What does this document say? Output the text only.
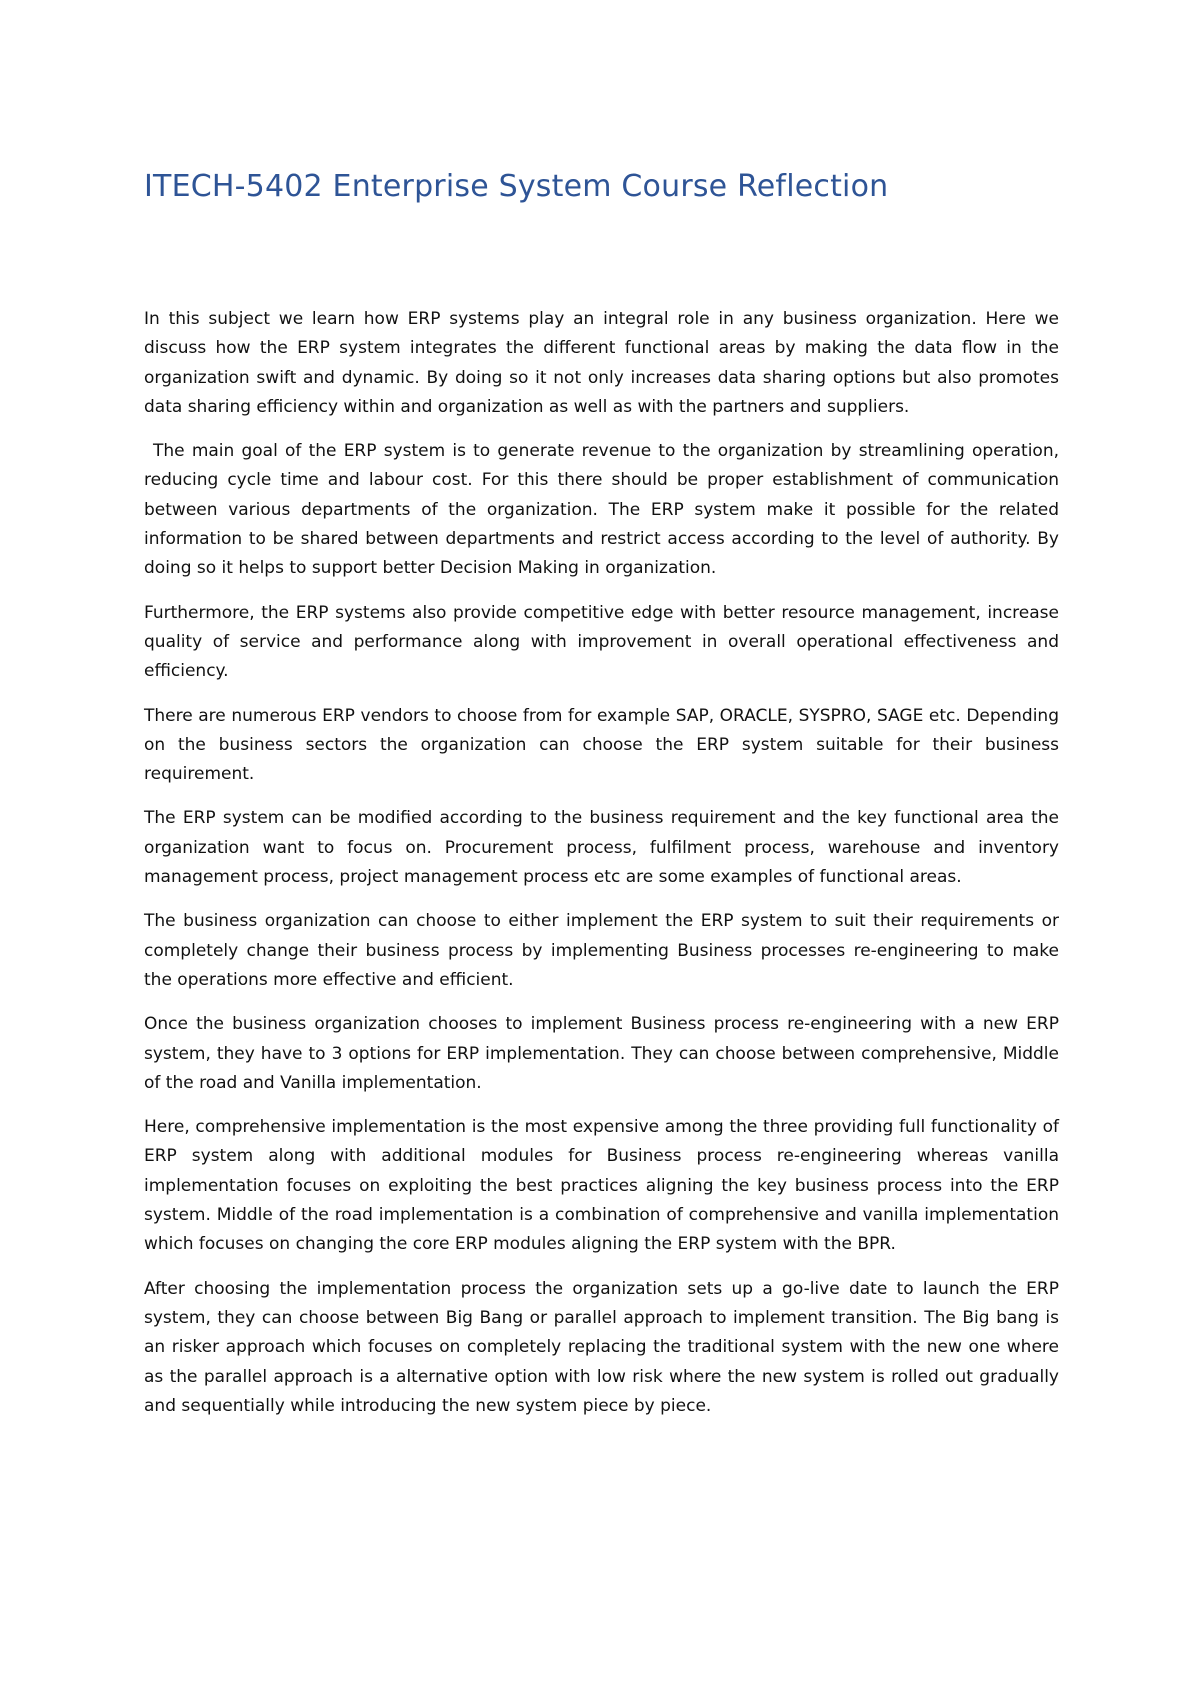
ITECH-5402 Enterprise System Course Reflection

In this subject we learn how ERP systems play an integral role in any business organization. Here we discuss how the ERP system integrates the different functional areas by making the data flow in the organization swift and dynamic. By doing so it not only increases data sharing options but also promotes data sharing efficiency within and organization as well as with the partners and suppliers.

The main goal of the ERP system is to generate revenue to the organization by streamlining operation, reducing cycle time and labour cost. For this there should be proper establishment of communication between various departments of the organization. The ERP system make it possible for the related information to be shared between departments and restrict access according to the level of authority. By doing so it helps to support better Decision Making in organization.

Furthermore, the ERP systems also provide competitive edge with better resource management, increase quality of service and performance along with improvement in overall operational effectiveness and efficiency.

There are numerous ERP vendors to choose from for example SAP, ORACLE, SYSPRO, SAGE etc. Depending on the business sectors the organization can choose the ERP system suitable for their business requirement.

The ERP system can be modified according to the business requirement and the key functional area the organization want to focus on. Procurement process, fulfilment process, warehouse and inventory management process, project management process etc are some examples of functional areas.

The business organization can choose to either implement the ERP system to suit their requirements or completely change their business process by implementing Business processes re-engineering to make the operations more effective and efficient.

Once the business organization chooses to implement Business process re-engineering with a new ERP system, they have to 3 options for ERP implementation. They can choose between comprehensive, Middle of the road and Vanilla implementation.

Here, comprehensive implementation is the most expensive among the three providing full functionality of ERP system along with additional modules for Business process re-engineering whereas vanilla implementation focuses on exploiting the best practices aligning the key business process into the ERP system. Middle of the road implementation is a combination of comprehensive and vanilla implementation which focuses on changing the core ERP modules aligning the ERP system with the BPR.

After choosing the implementation process the organization sets up a go-live date to launch the ERP system, they can choose between Big Bang or parallel approach to implement transition. The Big bang is an risker approach which focuses on completely replacing the traditional system with the new one where as the parallel approach is a alternative option with low risk where the new system is rolled out gradually and sequentially while introducing the new system piece by piece.
